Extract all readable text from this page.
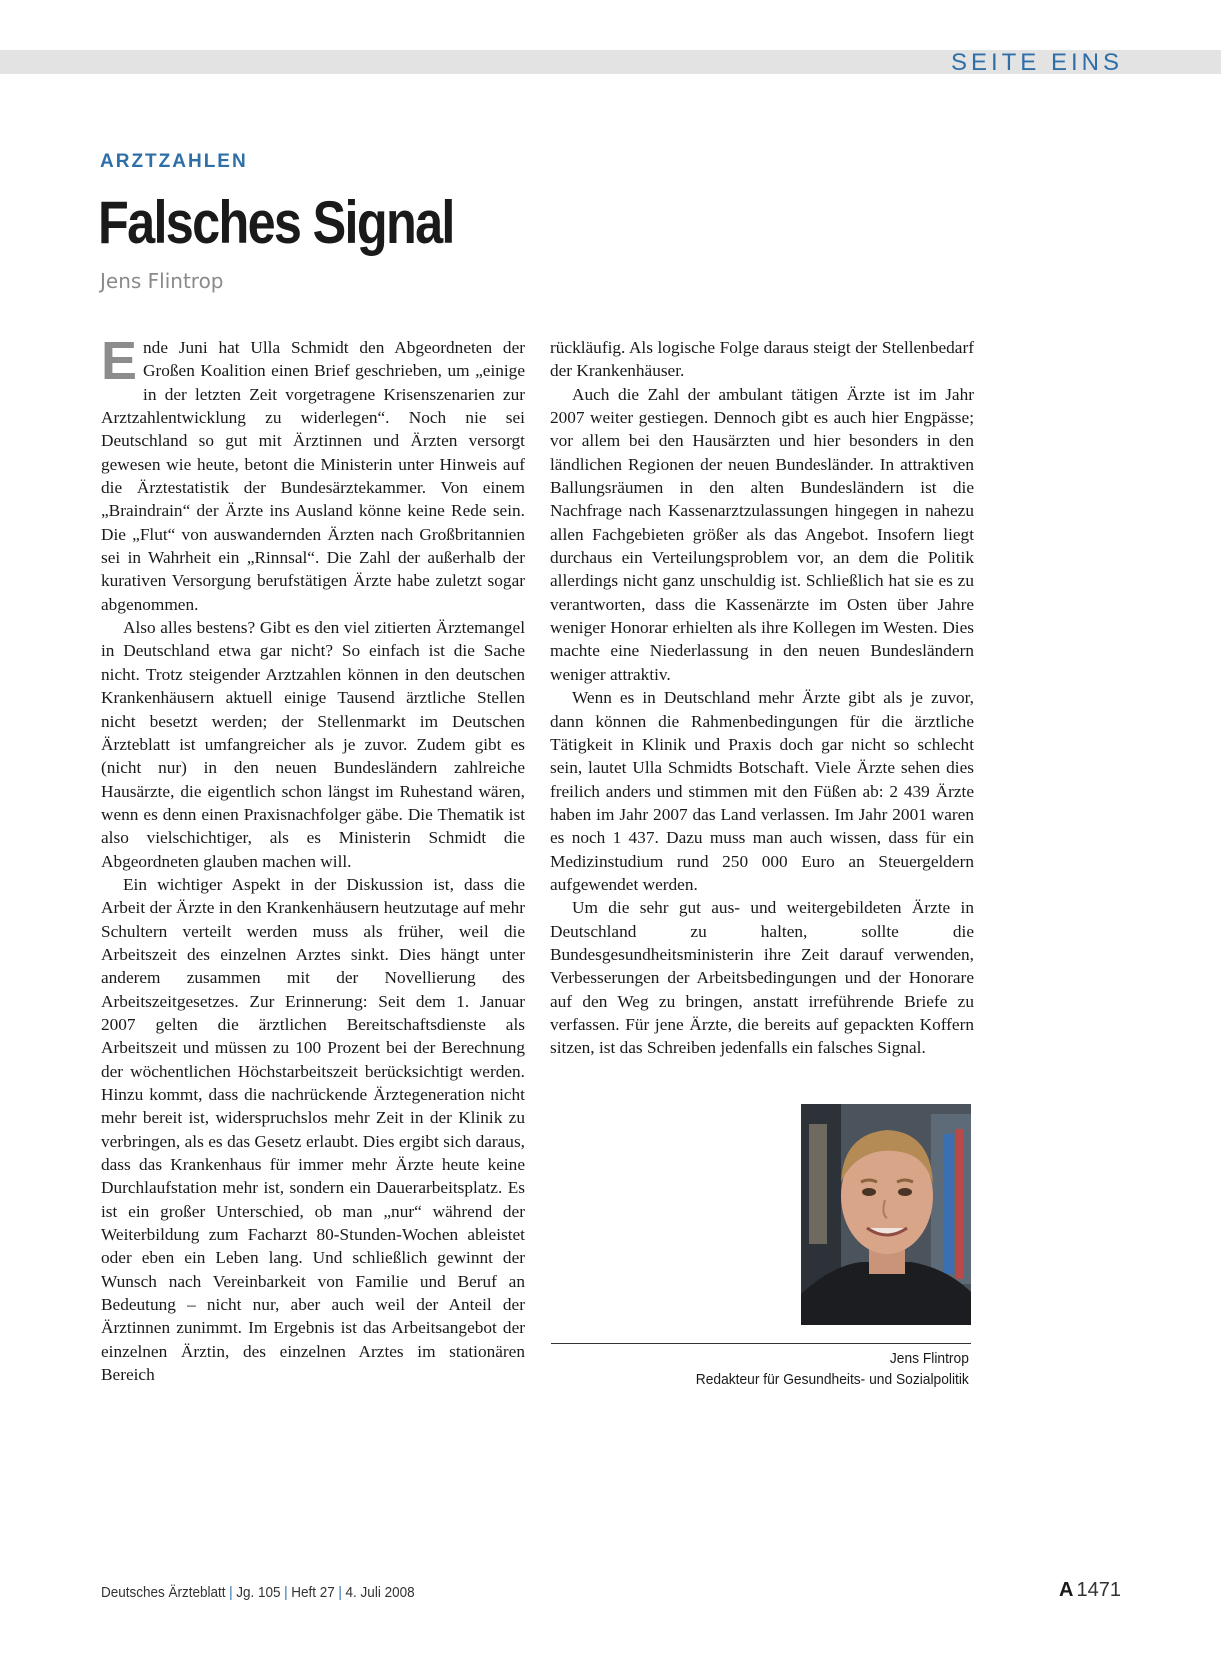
SEITE EINS
ARZTZAHLEN
Falsches Signal
Jens Flintrop

Ende Juni hat Ulla Schmidt den Abgeordneten der Großen Koalition einen Brief geschrieben, um „einige in der letzten Zeit vorgetragene Krisenszenarien zur Arztzahlentwicklung zu widerlegen“. Noch nie sei Deutschland so gut mit Ärztinnen und Ärzten versorgt gewesen wie heute, betont die Ministerin unter Hinweis auf die Ärztestatistik der Bundesärztekammer. Von einem „Braindrain“ der Ärzte ins Ausland könne keine Rede sein. Die „Flut“ von auswandernden Ärzten nach Großbritannien sei in Wahrheit ein „Rinnsal“. Die Zahl der außerhalb der kurativen Versorgung berufstätigen Ärzte habe zuletzt sogar abgenommen.

Also alles bestens? Gibt es den viel zitierten Ärztemangel in Deutschland etwa gar nicht? So einfach ist die Sache nicht. Trotz steigender Arztzahlen können in den deutschen Krankenhäusern aktuell einige Tausend ärztliche Stellen nicht besetzt werden; der Stellenmarkt im Deutschen Ärzteblatt ist umfangreicher als je zuvor. Zudem gibt es (nicht nur) in den neuen Bundesländern zahlreiche Hausärzte, die eigentlich schon längst im Ruhestand wären, wenn es denn einen Praxisnachfolger gäbe. Die Thematik ist also vielschichtiger, als es Ministerin Schmidt die Abgeordneten glauben machen will.

Ein wichtiger Aspekt in der Diskussion ist, dass die Arbeit der Ärzte in den Krankenhäusern heutzutage auf mehr Schultern verteilt werden muss als früher, weil die Arbeitszeit des einzelnen Arztes sinkt. Dies hängt unter anderem zusammen mit der Novellierung des Arbeitszeitgesetzes. Zur Erinnerung: Seit dem 1. Januar 2007 gelten die ärztlichen Bereitschaftsdienste als Arbeitszeit und müssen zu 100 Prozent bei der Berechnung der wöchentlichen Höchstarbeitszeit berücksichtigt werden. Hinzu kommt, dass die nachrückende Ärztegeneration nicht mehr bereit ist, widerspruchslos mehr Zeit in der Klinik zu verbringen, als es das Gesetz erlaubt. Dies ergibt sich daraus, dass das Krankenhaus für immer mehr Ärzte heute keine Durchlaufstation mehr ist, sondern ein Dauerarbeitsplatz. Es ist ein großer Unterschied, ob man „nur“ während der Weiterbildung zum Facharzt 80-Stunden-Wochen ableistet oder eben ein Leben lang. Und schließlich gewinnt der Wunsch nach Vereinbarkeit von Familie und Beruf an Bedeutung – nicht nur, aber auch weil der Anteil der Ärztinnen zunimmt. Im Ergebnis ist das Arbeitsangebot der einzelnen Ärztin, des einzelnen Arztes im stationären Bereich

rückläufig. Als logische Folge daraus steigt der Stellenbedarf der Krankenhäuser.

Auch die Zahl der ambulant tätigen Ärzte ist im Jahr 2007 weiter gestiegen. Dennoch gibt es auch hier Engpässe; vor allem bei den Hausärzten und hier besonders in den ländlichen Regionen der neuen Bundesländer. In attraktiven Ballungsräumen in den alten Bundesländern ist die Nachfrage nach Kassenarztzulassungen hingegen in nahezu allen Fachgebieten größer als das Angebot. Insofern liegt durchaus ein Verteilungsproblem vor, an dem die Politik allerdings nicht ganz unschuldig ist. Schließlich hat sie es zu verantworten, dass die Kassenärzte im Osten über Jahre weniger Honorar erhielten als ihre Kollegen im Westen. Dies machte eine Niederlassung in den neuen Bundesländern weniger attraktiv.

Wenn es in Deutschland mehr Ärzte gibt als je zuvor, dann können die Rahmenbedingungen für die ärztliche Tätigkeit in Klinik und Praxis doch gar nicht so schlecht sein, lautet Ulla Schmidts Botschaft. Viele Ärzte sehen dies freilich anders und stimmen mit den Füßen ab: 2 439 Ärzte haben im Jahr 2007 das Land verlassen. Im Jahr 2001 waren es noch 1 437. Dazu muss man auch wissen, dass für ein Medizinstudium rund 250 000 Euro an Steuergeldern aufgewendet werden.

Um die sehr gut aus- und weitergebildeten Ärzte in Deutschland zu halten, sollte die Bundesgesundheitsministerin ihre Zeit darauf verwenden, Verbesserungen der Arbeitsbedingungen und der Honorare auf den Weg zu bringen, anstatt irreführende Briefe zu verfassen. Für jene Ärzte, die bereits auf gepackten Koffern sitzen, ist das Schreiben jedenfalls ein falsches Signal.

Jens Flintrop
Redakteur für Gesundheits- und Sozialpolitik
Deutsches Ärzteblatt | Jg. 105 | Heft 27 | 4. Juli 2008	A 1471
